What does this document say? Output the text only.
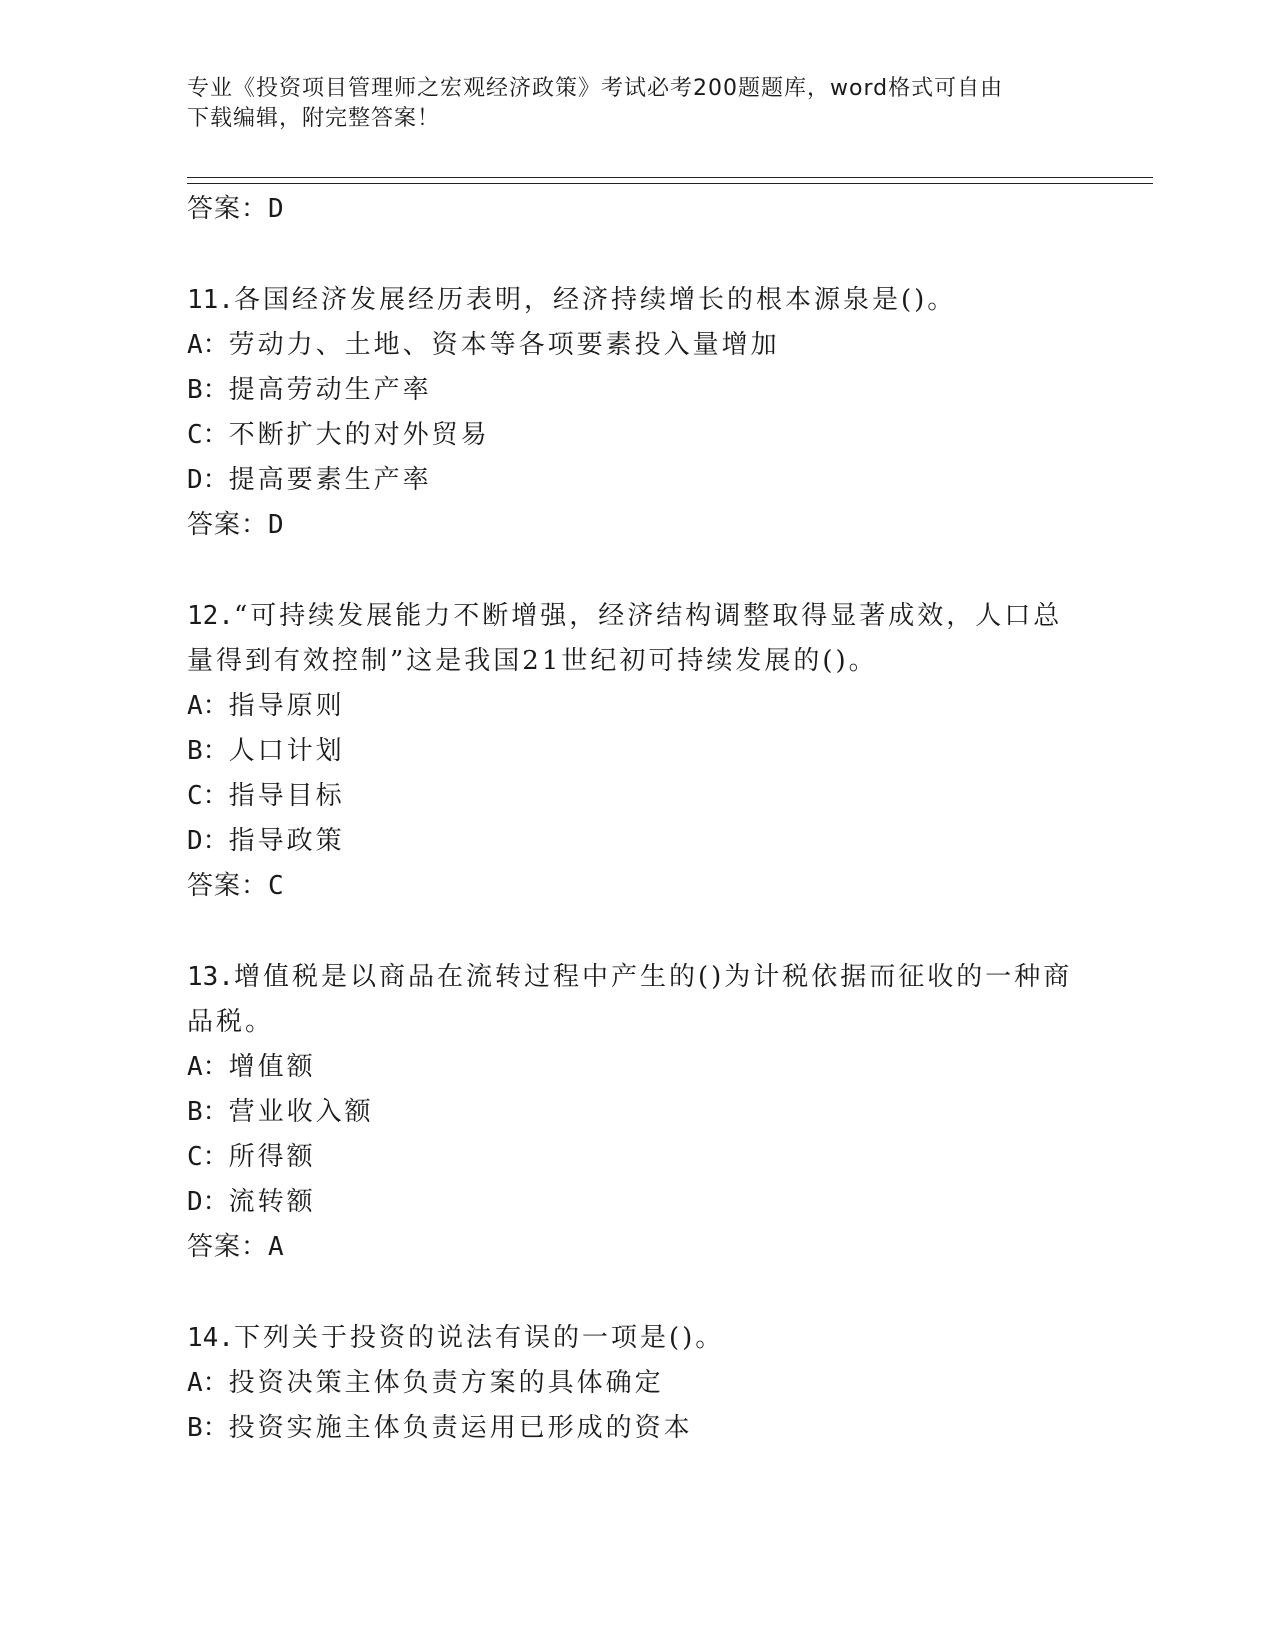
专业《投资项目管理师之宏观经济政策》考试必考200题题库，word格式可自由
下载编辑，附完整答案！
答案：D

11.各国经济发展经历表明，经济持续增长的根本源泉是()。

A：劳动力、土地、资本等各项要素投入量增加
B：提高劳动生产率
C：不断扩大的对外贸易
D：提高要素生产率
答案：D

12.“可持续发展能力不断增强，经济结构调整取得显著成效，人口总

量得到有效控制”这是我国21世纪初可持续发展的()。

A：指导原则
B：人口计划
C：指导目标
D：指导政策
答案：C

13.增值税是以商品在流转过程中产生的()为计税依据而征收的一种商

品税。

A：增值额
B：营业收入额
C：所得额
D：流转额
答案：A

14.下列关于投资的说法有误的一项是()。

A：投资决策主体负责方案的具体确定
B：投资实施主体负责运用已形成的资本
